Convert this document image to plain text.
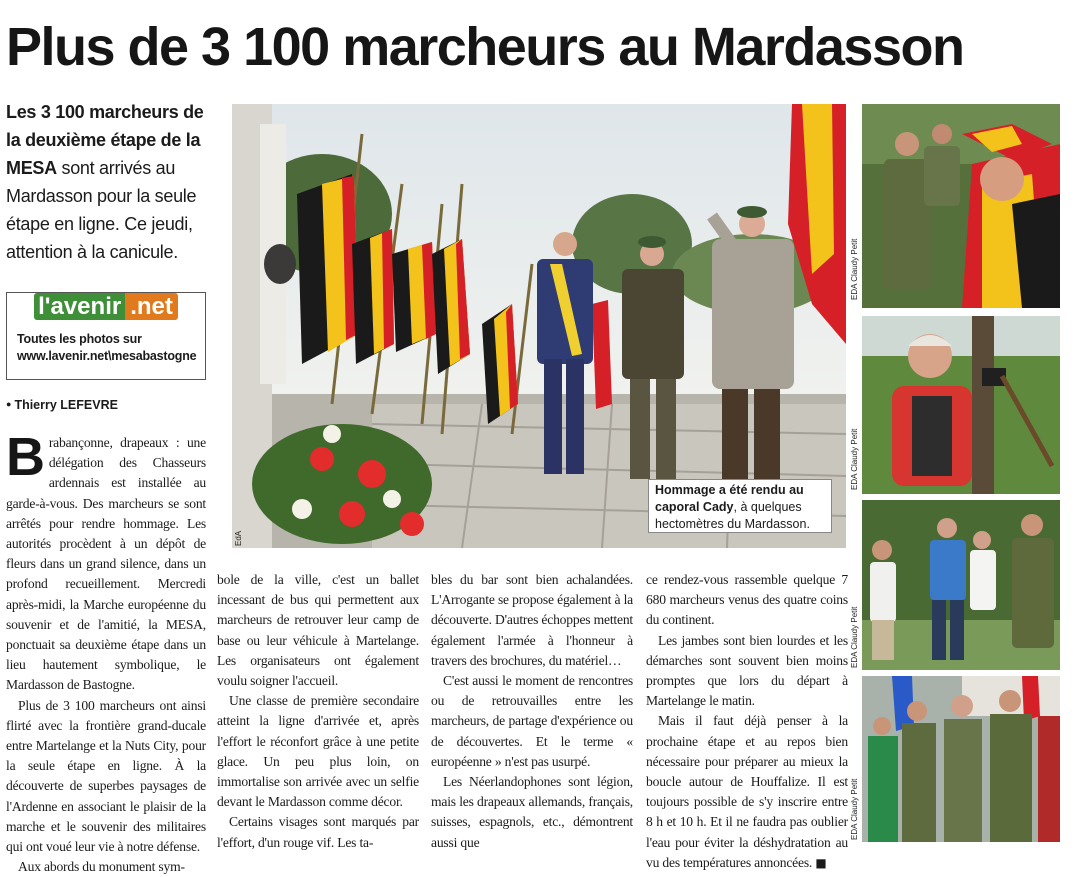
Plus de 3 100 marcheurs au Mardasson
Les 3 100 marcheurs de la deuxième étape de la MESA sont arrivés au Mardasson pour la seule étape en ligne. Ce jeudi, attention à la canicule.
l'avenir .net
Toutes les photos sur
www.lavenir.net\mesabastogne
● Thierry LEFEVRE
EdA
Hommage a été rendu au caporal Cady, à quelques hectomètres du Mardasson.
EDA Claudy Petit
EDA Claudy Petit
EDA Claudy Petit
EDA Claudy Petit

Brabançonne, drapeaux : une délégation des Chasseurs ardennais est installée au garde-à-vous. Des marcheurs se sont arrêtés pour rendre hommage. Les autorités procèdent à un dépôt de fleurs dans un grand silence, dans un profond recueillement. Mercredi après-midi, la Marche européenne du souvenir et de l'amitié, la MESA, ponctuait sa deuxième étape dans un lieu hautement symbolique, le Mardasson de Bastogne.

Plus de 3 100 marcheurs ont ainsi flirté avec la frontière grand-ducale entre Martelange et la Nuts City, pour la seule étape en ligne. À la découverte de superbes paysages de l'Ardenne en associant le plaisir de la marche et le souvenir des militaires qui ont voué leur vie à notre défense.

Aux abords du monument sym-

bole de la ville, c'est un ballet incessant de bus qui permettent aux marcheurs de retrouver leur camp de base ou leur véhicule à Martelange. Les organisateurs ont également voulu soigner l'accueil.

Une classe de première secondaire atteint la ligne d'arrivée et, après l'effort le réconfort grâce à une petite glace. Un peu plus loin, on immortalise son arrivée avec un selfie devant le Mardasson comme décor.

Certains visages sont marqués par l'effort, d'un rouge vif. Les ta-

bles du bar sont bien achalandées. L'Arrogante se propose également à la découverte. D'autres échoppes mettent également l'armée à l'honneur à travers des brochures, du matériel…

C'est aussi le moment de rencontres ou de retrouvailles entre les marcheurs, de partage d'expérience ou de découvertes. Et le terme « européenne » n'est pas usurpé.

Les Néerlandophones sont légion, mais les drapeaux allemands, français, suisses, espagnols, etc., démontrent aussi que

ce rendez-vous rassemble quelque 7 680 marcheurs venus des quatre coins du continent.

Les jambes sont bien lourdes et les démarches sont souvent bien moins promptes que lors du départ à Martelange le matin.

Mais il faut déjà penser à la prochaine étape et au repos bien nécessaire pour préparer au mieux la boucle autour de Houffalize. Il est toujours possible de s'y inscrire entre 8 h et 10 h. Et il ne faudra pas oublier l'eau pour éviter la déshydratation au vu des températures annoncées. ■
